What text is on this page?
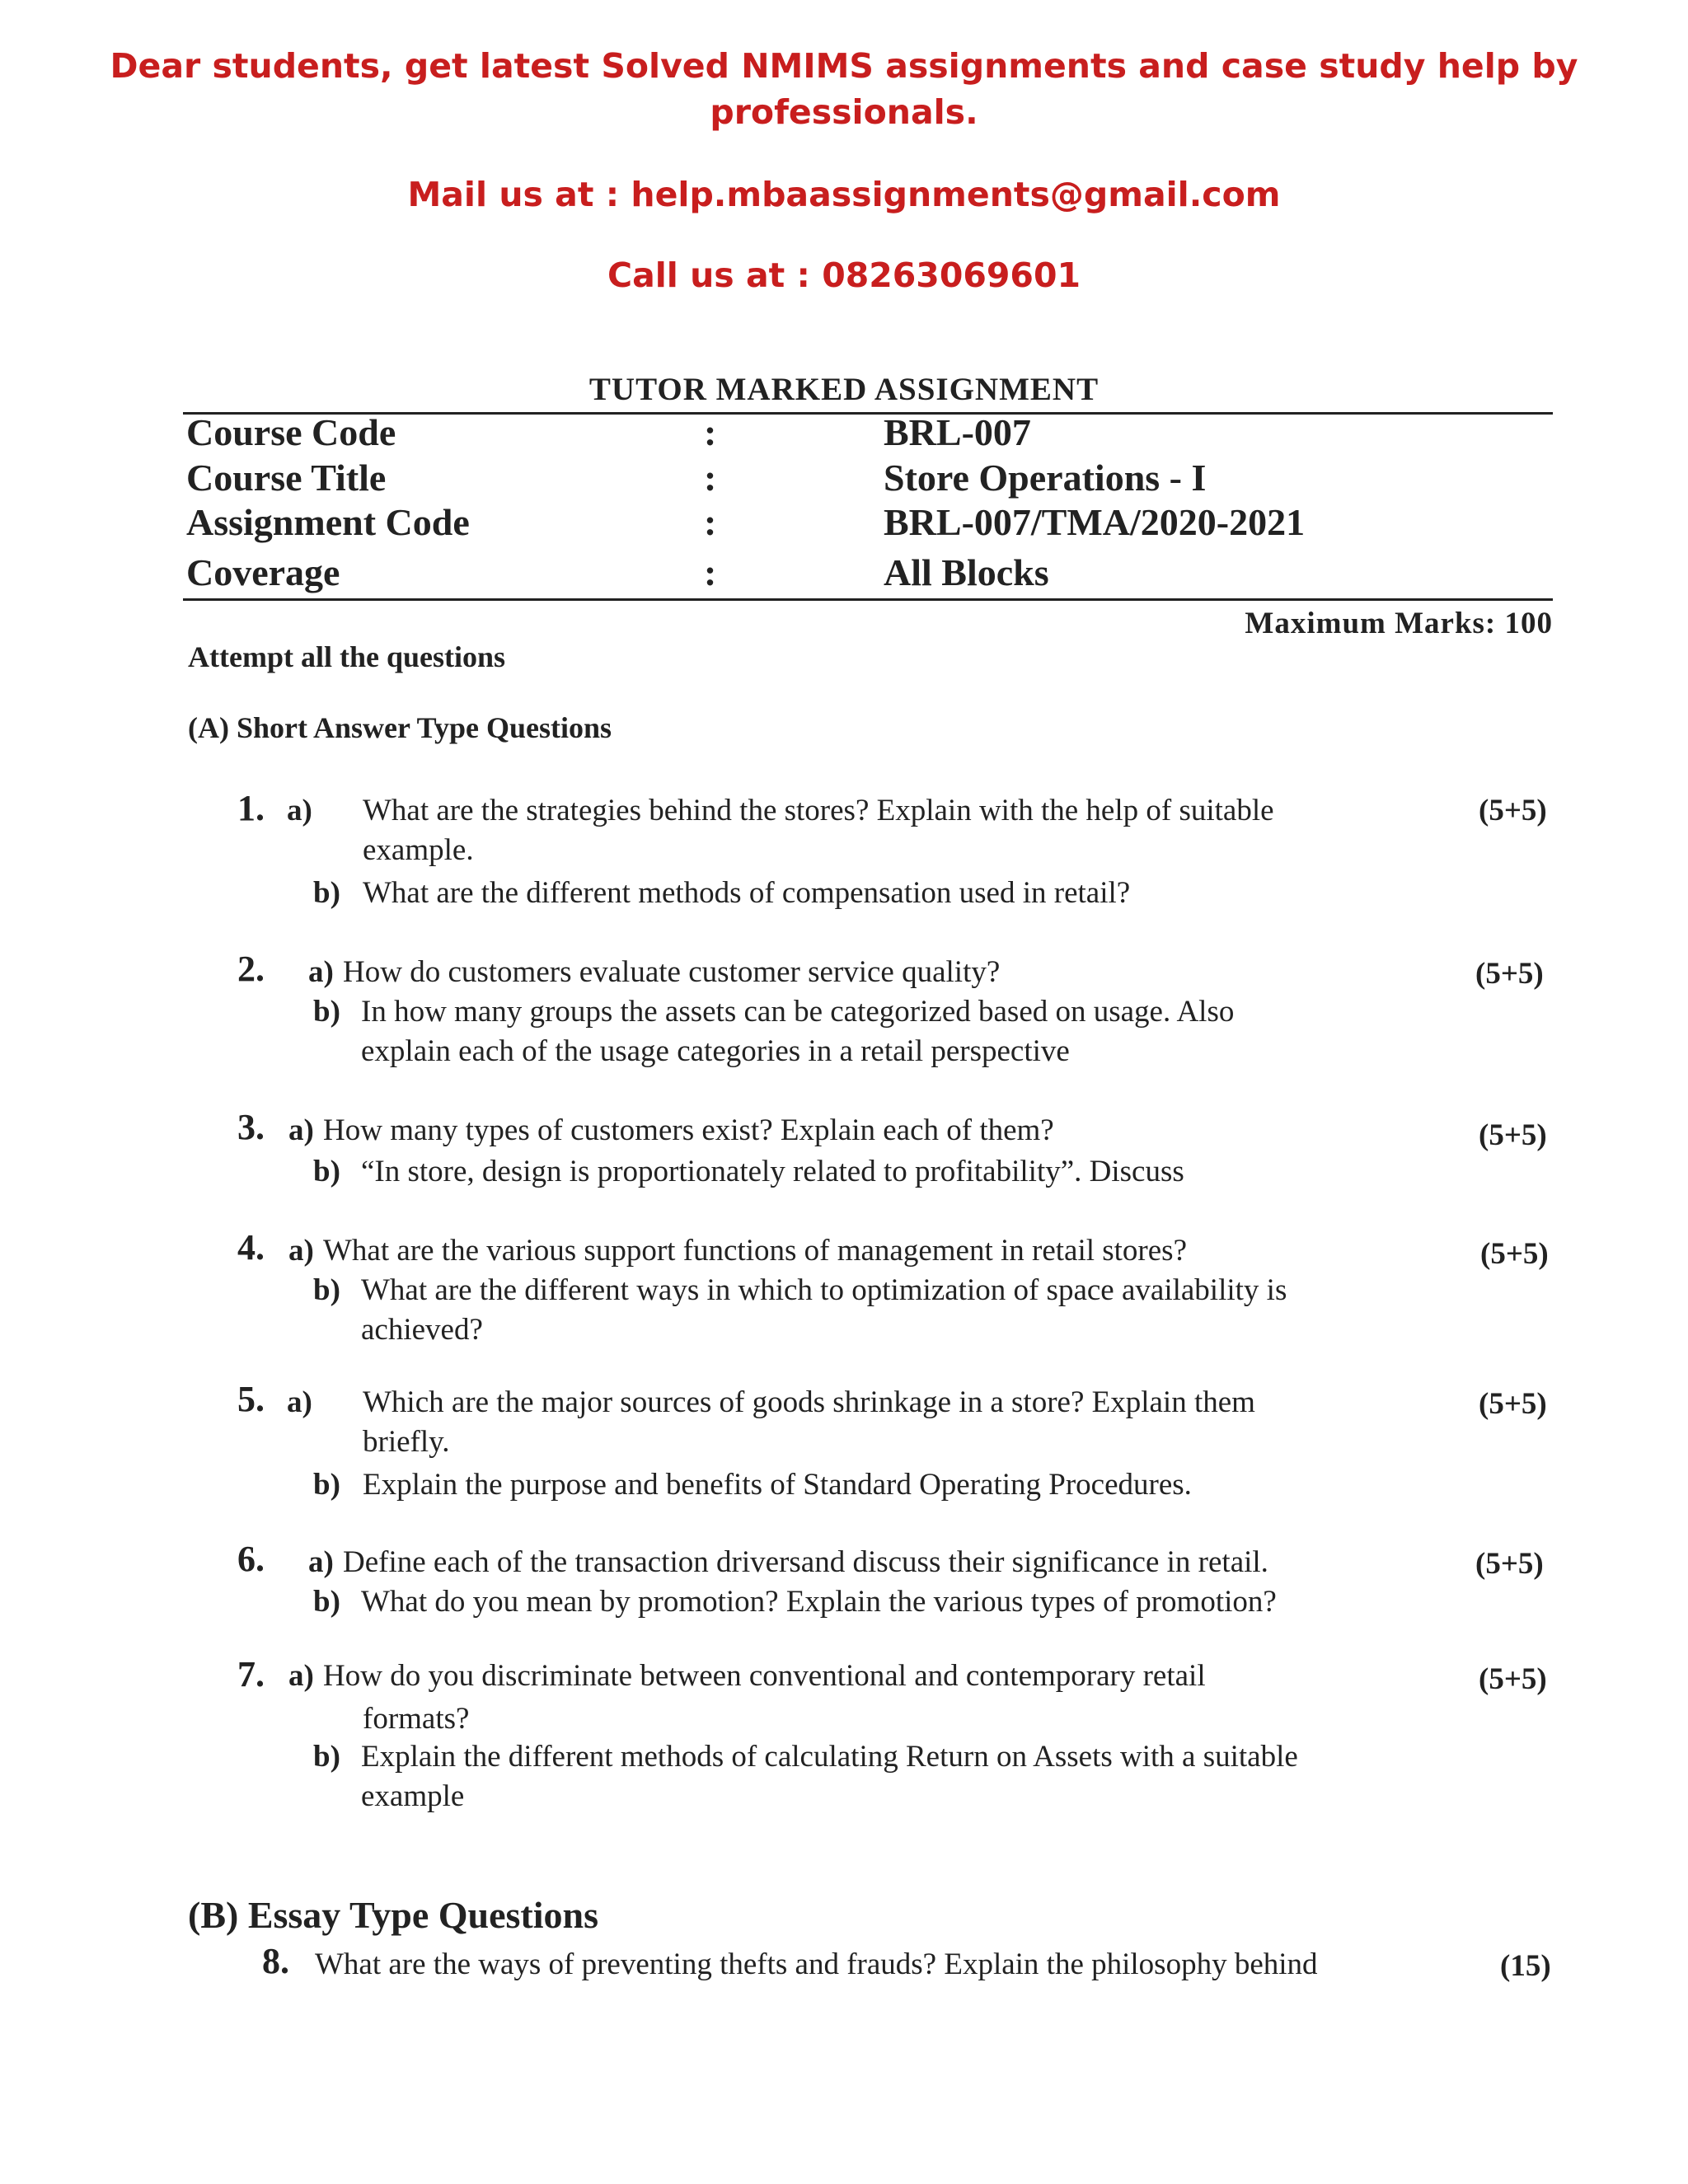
Dear students, get latest Solved NMIMS assignments and case study help by
professionals.
Mail us at : help.mbaassignments@gmail.com
Call us at : 08263069601
TUTOR MARKED ASSIGNMENT
Course Code	:	BRL-007
Course Title	:	Store Operations - I
Assignment Code	:	BRL-007/TMA/2020-2021
Coverage	:	All Blocks
Maximum Marks: 100
Attempt all the questions
(A) Short Answer Type Questions
1. a) What are the strategies behind the stores? Explain with the help of suitable
example.
b) What are the different methods of compensation used in retail?
(5+5)
2. a) How do customers evaluate customer service quality?
b) In how many groups the assets can be categorized based on usage. Also
explain each of the usage categories in a retail perspective
(5+5)
3. a) How many types of customers exist? Explain each of them?
b) “In store, design is proportionately related to profitability”. Discuss
(5+5)
4. a) What are the various support functions of management in retail stores?
b) What are the different ways in which to optimization of space availability is
achieved?
(5+5)
5. a) Which are the major sources of goods shrinkage in a store? Explain them
briefly.
b) Explain the purpose and benefits of Standard Operating Procedures.
(5+5)
6. a) Define each of the transaction driversand discuss their significance in retail.
b) What do you mean by promotion? Explain the various types of promotion?
(5+5)
7. a) How do you discriminate between conventional and contemporary retail
formats?
b) Explain the different methods of calculating Return on Assets with a suitable
example
(5+5)
(B) Essay Type Questions
8. What are the ways of preventing thefts and frauds? Explain the philosophy behind	(15)
